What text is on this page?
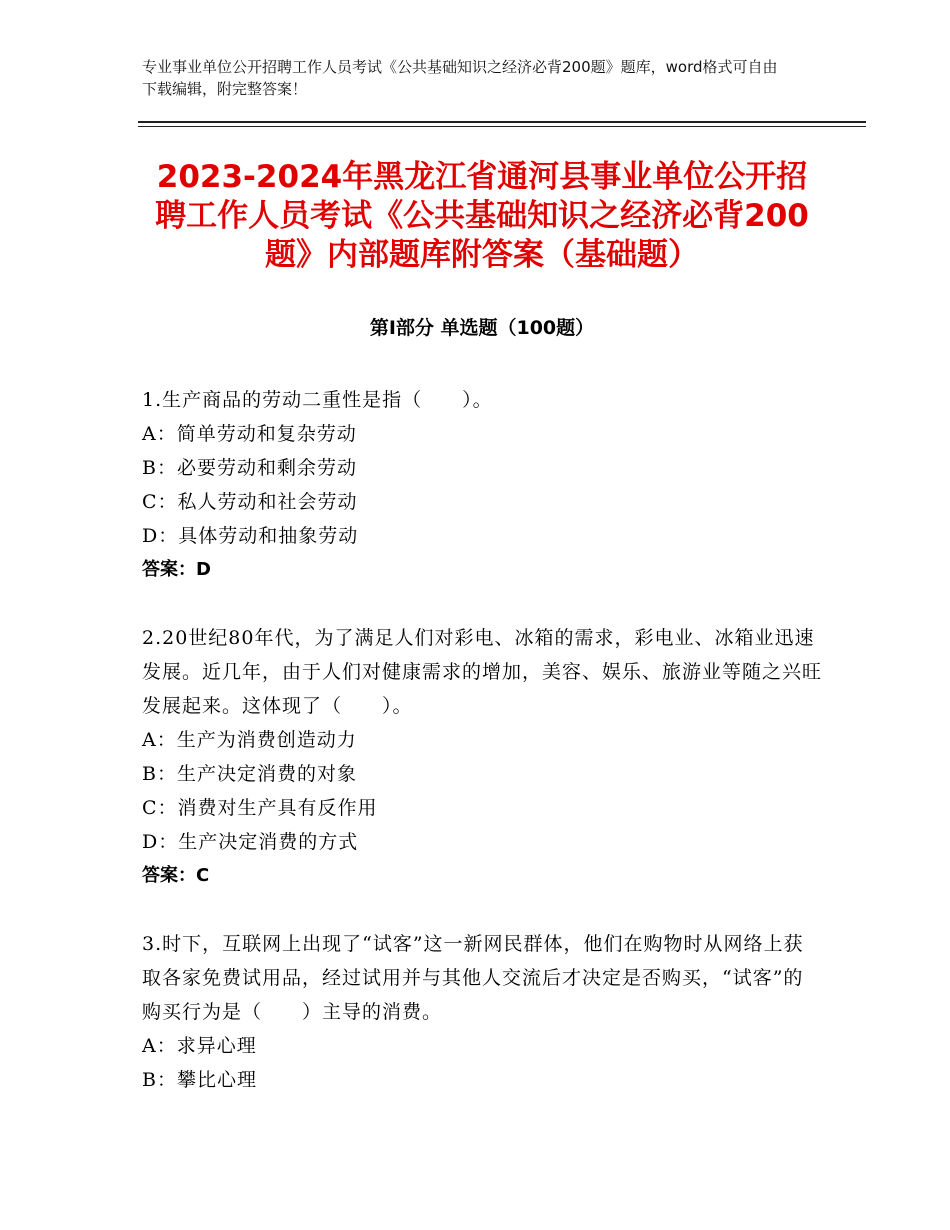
专业事业单位公开招聘工作人员考试《公共基础知识之经济必背200题》题库，word格式可自由下载编辑，附完整答案！
2023-2024年黑龙江省通河县事业单位公开招聘工作人员考试《公共基础知识之经济必背200题》内部题库附答案（基础题）
第Ⅰ部分 单选题（100题）
1.生产商品的劳动二重性是指（　　）。
A：简单劳动和复杂劳动
B：必要劳动和剩余劳动
C：私人劳动和社会劳动
D：具体劳动和抽象劳动
答案：D
2.20世纪80年代，为了满足人们对彩电、冰箱的需求，彩电业、冰箱业迅速发展。近几年，由于人们对健康需求的增加，美容、娱乐、旅游业等随之兴旺发展起来。这体现了（　　）。
A：生产为消费创造动力
B：生产决定消费的对象
C：消费对生产具有反作用
D：生产决定消费的方式
答案：C
3.时下，互联网上出现了“试客”这一新网民群体，他们在购物时从网络上获取各家免费试用品，经过试用并与其他人交流后才决定是否购买，“试客”的购买行为是（　　）主导的消费。
A：求异心理
B：攀比心理
